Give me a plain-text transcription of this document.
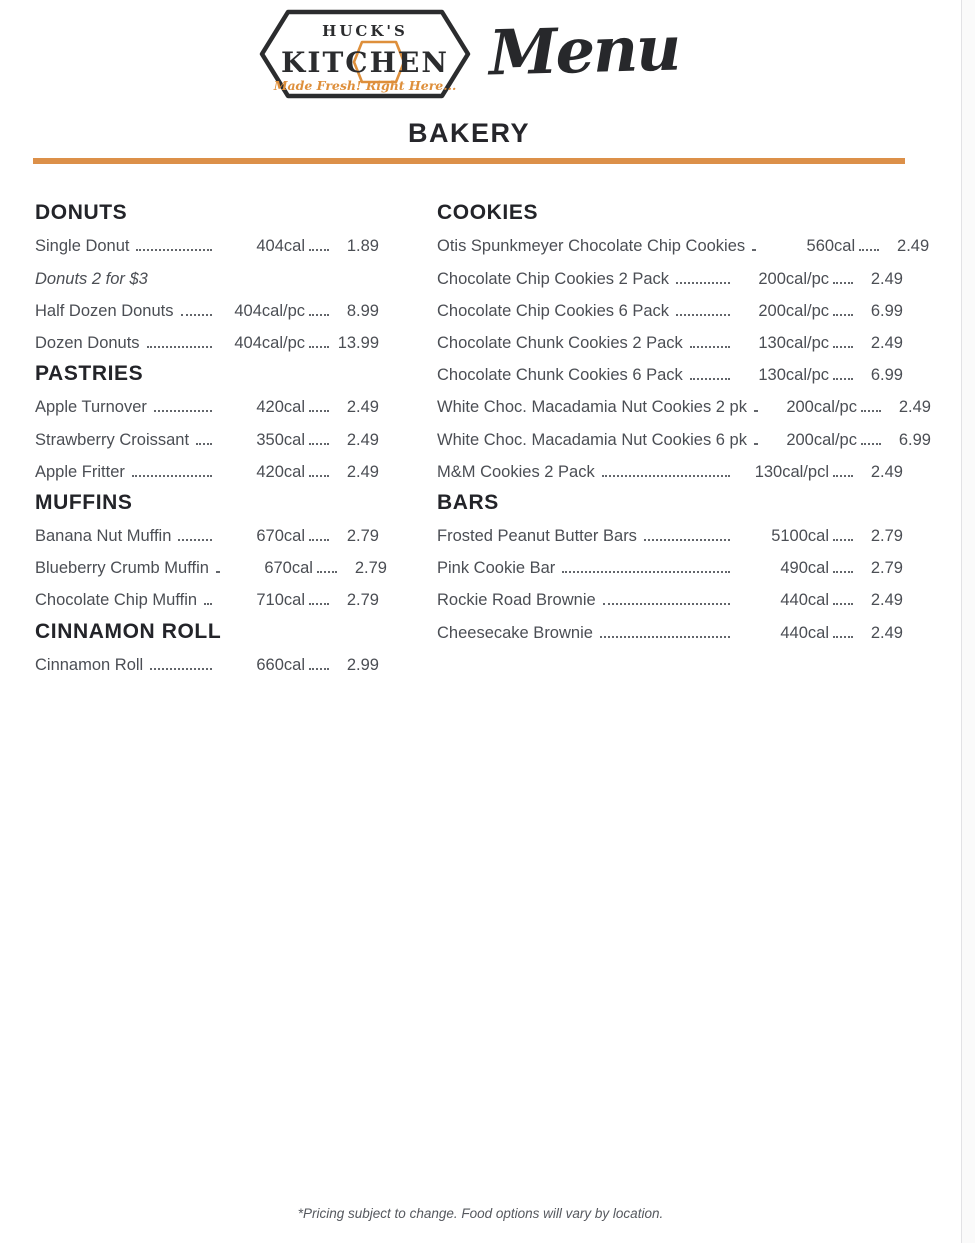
HUCK'S
KITCHEN
Made Fresh! Right Here... Menu
BAKERY
DONUTS
Single Donut	404cal	1.89
Donuts 2 for $3
Half Dozen Donuts	404cal/pc	8.99
Dozen Donuts	404cal/pc 13.99
PASTRIES
Apple Turnover	420cal	2.49
Strawberry Croissant	350cal	2.49
Apple Fritter	420cal	2.49
MUFFINS
Banana Nut Muffin	670cal	2.79
Blueberry Crumb Muffin	670cal	2.79
Chocolate Chip Muffin	710cal	2.79
CINNAMON ROLL
Cinnamon Roll	660cal	2.99
COOKIES
Otis Spunkmeyer Chocolate Chip Cookies	560cal	2.49
Chocolate Chip Cookies 2 Pack	200cal/pc	2.49
Chocolate Chip Cookies 6 Pack	200cal/pc	6.99
Chocolate Chunk Cookies 2 Pack	130cal/pc	2.49
Chocolate Chunk Cookies 6 Pack	130cal/pc	6.99
White Choc. Macadamia Nut Cookies 2 pk	200cal/pc	2.49
White Choc. Macadamia Nut Cookies 6 pk	200cal/pc	6.99
M&M Cookies 2 Pack	130cal/pcl	2.49
BARS
Frosted Peanut Butter Bars	5100cal	2.79
Pink Cookie Bar	490cal	2.79
Rockie Road Brownie	440cal	2.49
Cheesecake Brownie	440cal	2.49
*Pricing subject to change. Food options will vary by location.
